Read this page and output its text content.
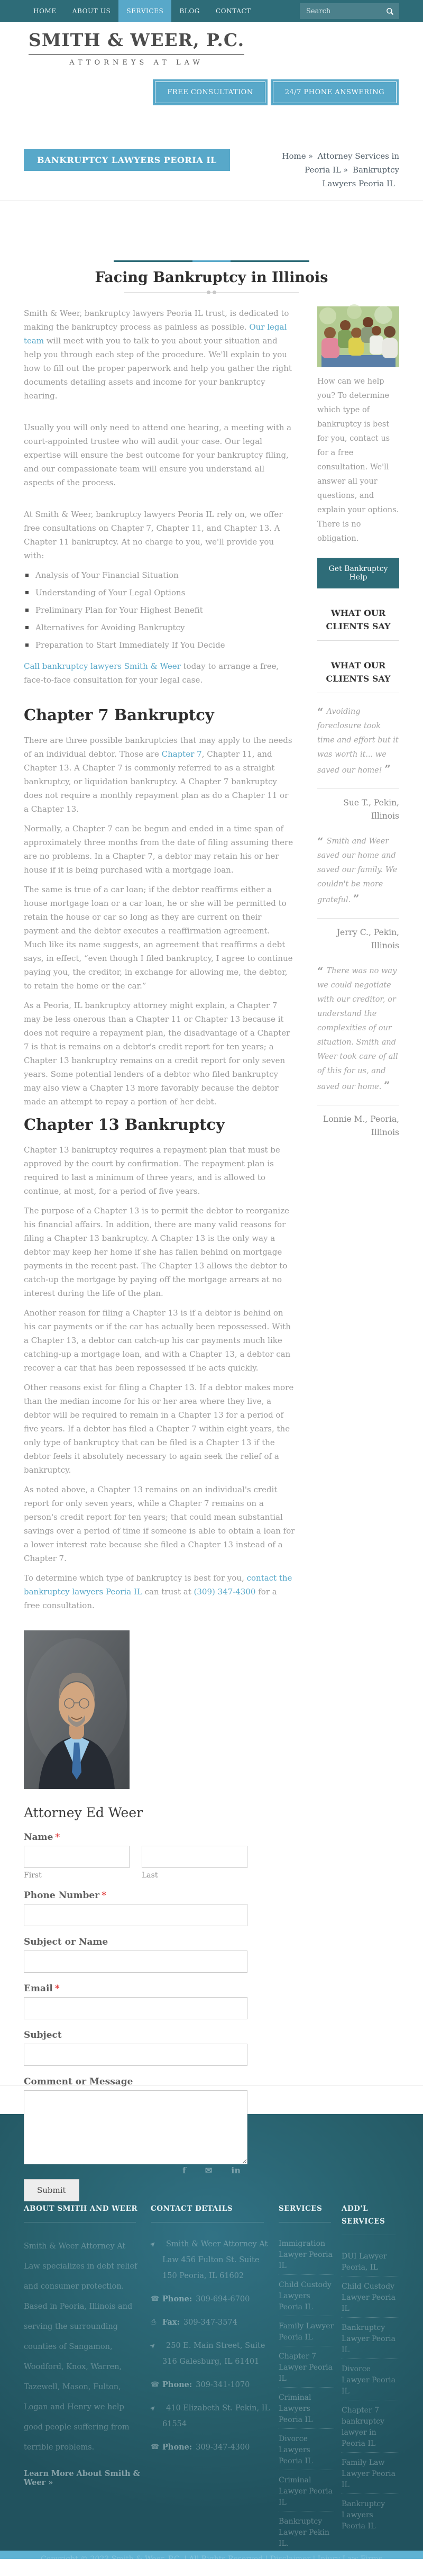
HOME	ABOUT US	SERVICES	BLOG	CONTACT
Search
SMITH & WEER, P.C.
ATTORNEYS AT LAW
FREE CONSULTATION	24/7 PHONE ANSWERING
BANKRUPTCY LAWYERS PEORIA IL	Home » Attorney Services in Peoria IL » Bankruptcy Lawyers Peoria IL
Facing Bankruptcy in Illinois

Smith & Weer, bankruptcy lawyers Peoria IL trust, is dedicated to making the bankruptcy process as painless as possible. Our legal team will meet with you to talk to you about your situation and help you through each step of the procedure. We'll explain to you how to fill out the proper paperwork and help you gather the right documents detailing assets and income for your bankruptcy hearing.

Usually you will only need to attend one hearing, a meeting with a court-appointed trustee who will audit your case. Our legal expertise will ensure the best outcome for your bankruptcy filing, and our compassionate team will ensure you understand all aspects of the process.

At Smith & Weer, bankruptcy lawyers Peoria IL rely on, we offer free consultations on Chapter 7, Chapter 11, and Chapter 13. A Chapter 11 bankruptcy. At no charge to you, we'll provide you with:

Analysis of Your Financial Situation
Understanding of Your Legal Options
Preliminary Plan for Your Highest Benefit
Alternatives for Avoiding Bankruptcy
Preparation to Start Immediately If You Decide

Call bankruptcy lawyers Smith & Weer today to arrange a free, face-to-face consultation for your legal case.

Chapter 7 Bankruptcy

There are three possible bankruptcies that may apply to the needs of an individual debtor. Those are Chapter 7, Chapter 11, and Chapter 13. A Chapter 7 is commonly referred to as a straight bankruptcy, or liquidation bankruptcy. A Chapter 7 bankruptcy does not require a monthly repayment plan as do a Chapter 11 or a Chapter 13.

Normally, a Chapter 7 can be begun and ended in a time span of approximately three months from the date of filing assuming there are no problems. In a Chapter 7, a debtor may retain his or her house if it is being purchased with a mortgage loan.

The same is true of a car loan; if the debtor reaffirms either a house mortgage loan or a car loan, he or she will be permitted to retain the house or car so long as they are current on their payment and the debtor executes a reaffirmation agreement. Much like its name suggests, an agreement that reaffirms a debt says, in effect, “even though I filed bankruptcy, I agree to continue paying you, the creditor, in exchange for allowing me, the debtor, to retain the home or the car.”

As a Peoria, IL bankruptcy attorney might explain, a Chapter 7 may be less onerous than a Chapter 11 or Chapter 13 because it does not require a repayment plan, the disadvantage of a Chapter 7 is that is remains on a debtor's credit report for ten years; a Chapter 13 bankruptcy remains on a credit report for only seven years. Some potential lenders of a debtor who filed bankruptcy may also view a Chapter 13 more favorably because the debtor made an attempt to repay a portion of her debt.

Chapter 13 Bankruptcy

Chapter 13 bankruptcy requires a repayment plan that must be approved by the court by confirmation. The repayment plan is required to last a minimum of three years, and is allowed to continue, at most, for a period of five years.

The purpose of a Chapter 13 is to permit the debtor to reorganize his financial affairs. In addition, there are many valid reasons for filing a Chapter 13 bankruptcy. A Chapter 13 is the only way a debtor may keep her home if she has fallen behind on mortgage payments in the recent past. The Chapter 13 allows the debtor to catch-up the mortgage by paying off the mortgage arrears at no interest during the life of the plan.

Another reason for filing a Chapter 13 is if a debtor is behind on his car payments or if the car has actually been repossessed. With a Chapter 13, a debtor can catch-up his car payments much like catching-up a mortgage loan, and with a Chapter 13, a debtor can recover a car that has been repossessed if he acts quickly.

Other reasons exist for filing a Chapter 13. If a debtor makes more than the median income for his or her area where they live, a debtor will be required to remain in a Chapter 13 for a period of five years. If a debtor has filed a Chapter 7 within eight years, the only type of bankruptcy that can be filed is a Chapter 13 if the debtor feels it absolutely necessary to again seek the relief of a bankruptcy.

As noted above, a Chapter 13 remains on an individual's credit report for only seven years, while a Chapter 7 remains on a person's credit report for ten years; that could mean substantial savings over a period of time if someone is able to obtain a loan for a lower interest rate because she filed a Chapter 13 instead of a Chapter 7.

To determine which type of bankruptcy is best for you, contact the bankruptcy lawyers Peoria IL can trust at (309) 347-4300 for a free consultation.

Attorney Ed Weer
Name *
First	Last
Phone Number *
Subject or Name
Email *
Subject
Comment or Message
Submit
How can we help you? To determine which type of bankruptcy is best for you, contact us for a free consultation. We'll answer all your questions, and explain your options. There is no obligation.
Get Bankruptcy Help
WHAT OUR CLIENTS SAY
WHAT OUR CLIENTS SAY
“ Avoiding foreclosure took time and effort but it was worth it... we saved our home! ”
Sue T., Pekin, Illinois
“ Smith and Weer saved our home and saved our family. We couldn't be more grateful. ”
Jerry C., Pekin, Illinois
“ There was no way we could negotiate with our creditor, or understand the complexities of our situation. Smith and Weer took care of all of this for us, and saved our home. ”
Lonnie M., Peoria, Illinois
S&W
f ✉ in
ABOUT SMITH AND WEER
Smith & Weer Attorney At Law specializes in debt relief and consumer protection. Based in Peoria, Illinois and serving the surrounding counties of Sangamon, Woodford, Knox, Warren, Tazewell, Mason, Fulton, Logan and Henry we help good people suffering from terrible problems.
Learn More About Smith & Weer »
CONTACT DETAILS
➤	Smith & Weer Attorney At Law 456 Fulton St. Suite 150 Peoria, IL 61602
☎ Phone: 309-694-6700
⎙ Fax: 309-347-3574
➤	250 E. Main Street, Suite 316 Galesburg, IL 61401
☎ Phone: 309-341-1070
➤	410 Elizabeth St. Pekin, IL 61554
☎ Phone: 309-347-4300
SERVICES
Immigration Lawyer Peoria IL
Child Custody Lawyers Peoria IL
Family Lawyer Peoria IL
Chapter 7 Lawyer Peoria IL
Criminal Lawyers Peoria IL
Divorce Lawyers Peoria IL
Criminal Lawyer Peoria IL
Bankruptcy Lawyer Pekin IL.
ADD'L SERVICES
DUI Lawyer Peoria, IL
Child Custody Lawyer Peoria IL
Bankruptcy Lawyer Peoria IL
Divorce Lawyer Peoria IL
Chapter 7 bankruptcy lawyer in Peoria IL
Family Law Lawyer Peoria IL
Bankruptcy Lawyers Peoria IL
Copyright © 2023 Smith & Weer, P.C. | All Rights Reserved | Disclaimer | Injury Law Firms
